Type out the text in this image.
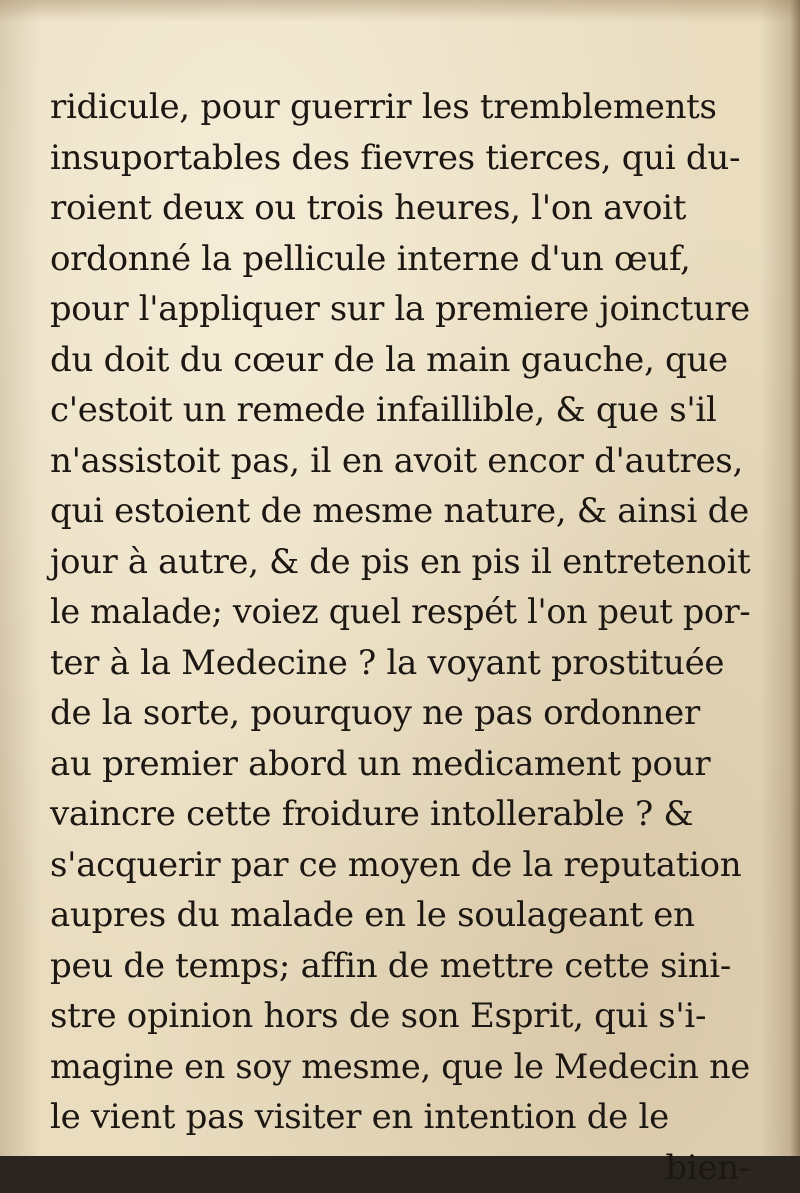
ridicule, pour guerrir les tremblements
insuportables des fievres tierces, qui du-
roient deux ou trois heures, l'on avoit
ordonné la pellicule interne d'un œuf,
pour l'appliquer sur la premiere joincture
du doit du cœur de la main gauche, que
c'estoit un remede infaillible, & que s'il
n'assistoit pas, il en avoit encor d'autres,
qui estoient de mesme nature, & ainsi de
jour à autre, & de pis en pis il entretenoit
le malade; voiez quel respét l'on peut por-
ter à la Medecine ? la voyant prostituée
de la sorte, pourquoy ne pas ordonner
au premier abord un medicament pour
vaincre cette froidure intollerable ? &
s'acquerir par ce moyen de la reputation
aupres du malade en le soulageant en
peu de temps; affin de mettre cette sini-
stre opinion hors de son Esprit, qui s'i-
magine en soy mesme, que le Medecin ne
le vient pas visiter en intention de le
bien-
